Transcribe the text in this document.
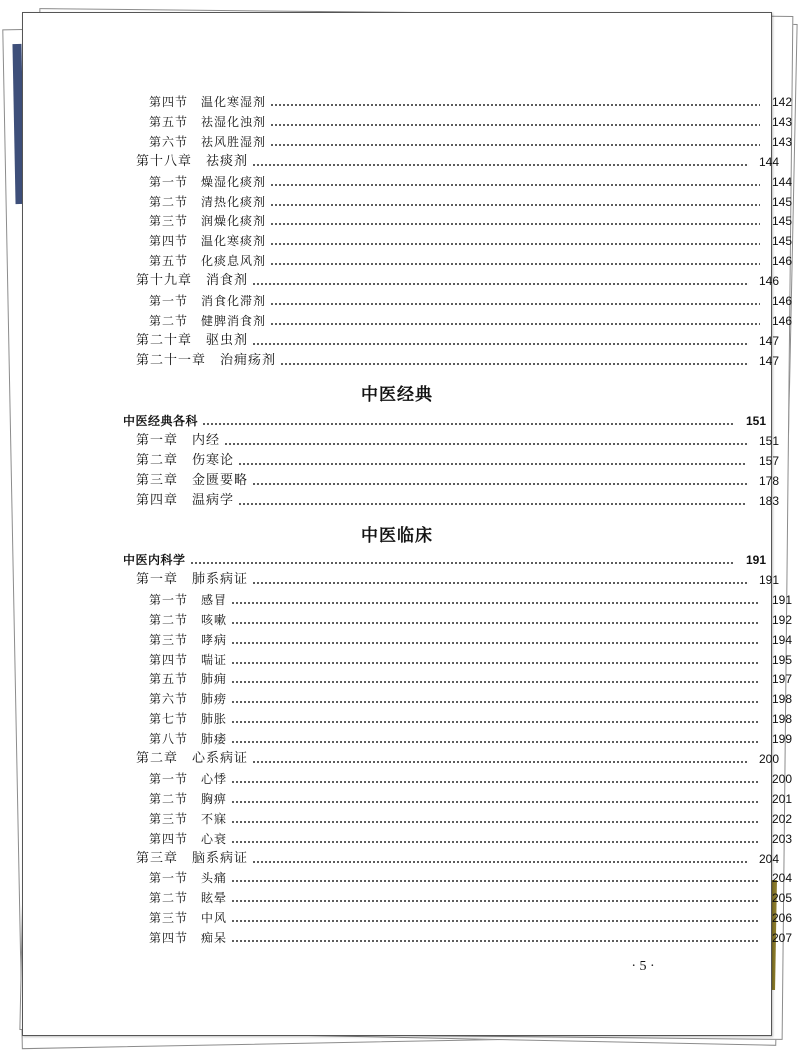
第四节　温化寒湿剂	142
第五节　祛湿化浊剂	143
第六节　祛风胜湿剂	143
第十八章　祛痰剂	144
第一节　燥湿化痰剂	144
第二节　清热化痰剂	145
第三节　润燥化痰剂	145
第四节　温化寒痰剂	145
第五节　化痰息风剂	146
第十九章　消食剂	146
第一节　消食化滞剂	146
第二节　健脾消食剂	146
第二十章　驱虫剂	147
第二十一章　治痈疡剂	147
中医经典各科	151
第一章　内经	151
第二章　伤寒论	157
第三章　金匮要略	178
第四章　温病学	183
中医内科学	191
第一章　肺系病证	191
第一节　感冒	191
第二节　咳嗽	192
第三节　哮病	194
第四节　喘证	195
第五节　肺痈	197
第六节　肺痨	198
第七节　肺胀	198
第八节　肺痿	199
第二章　心系病证	200
第一节　心悸	200
第二节　胸痹	201
第三节　不寐	202
第四节　心衰	203
第三章　脑系病证	204
第一节　头痛	204
第二节　眩晕	205
第三节　中风	206
第四节　痴呆	207
中医经典
中医临床
· 5 ·
